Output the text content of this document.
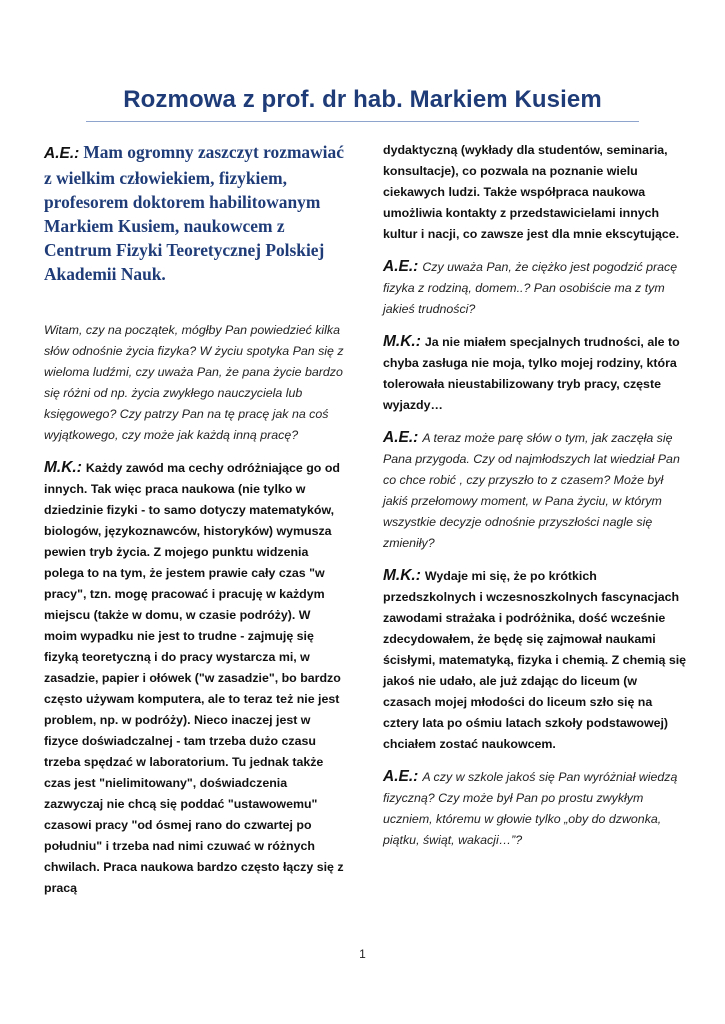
Rozmowa z prof. dr hab. Markiem Kusiem

A.E.: Mam ogromny zaszczyt rozmawiać z wielkim człowiekiem, fizykiem, profesorem doktorem habilitowanym Markiem Kusiem, naukowcem z Centrum Fizyki Teoretycznej Polskiej Akademii Nauk.

Witam, czy na początek, mógłby Pan powiedzieć kilka słów odnośnie życia fizyka? W życiu spotyka Pan się z wieloma ludźmi, czy uważa Pan, że pana życie bardzo się różni od np. życia zwykłego nauczyciela lub księgowego? Czy patrzy Pan na tę pracę jak na coś wyjątkowego, czy może jak każdą inną pracę?

M.K.: Każdy zawód ma cechy odróżniające go od innych. Tak więc praca naukowa (nie tylko w dziedzinie fizyki - to samo dotyczy matematyków, biologów, językoznawców, historyków) wymusza pewien tryb życia. Z mojego punktu widzenia polega to na tym, że jestem prawie cały czas "w pracy", tzn. mogę pracować i pracuję w każdym miejscu (także w domu, w czasie podróży). W moim wypadku nie jest to trudne - zajmuję się fizyką teoretyczną i do pracy wystarcza mi, w zasadzie, papier i ołówek ("w zasadzie", bo bardzo często używam komputera, ale to teraz też nie jest problem, np. w podróży). Nieco inaczej jest w fizyce doświadczalnej - tam trzeba dużo czasu trzeba spędzać w laboratorium. Tu jednak także czas jest "nielimitowany", doświadczenia zazwyczaj nie chcą się poddać "ustawowemu" czasowi pracy "od ósmej rano do czwartej po południu" i trzeba nad nimi czuwać w różnych chwilach. Praca naukowa bardzo często łączy się z pracą

dydaktyczną (wykłady dla studentów, seminaria, konsultacje), co pozwala na poznanie wielu ciekawych ludzi. Także współpraca naukowa umożliwia kontakty z przedstawicielami innych kultur i nacji, co zawsze jest dla mnie ekscytujące.

A.E.: Czy uważa Pan, że ciężko jest pogodzić pracę fizyka z rodziną, domem..? Pan osobiście ma z tym jakieś trudności?

M.K.: Ja nie miałem specjalnych trudności, ale to chyba zasługa nie moja, tylko mojej rodziny, która tolerowała nieustabilizowany tryb pracy, częste wyjazdy…

A.E.: A teraz może parę słów o tym, jak zaczęła się Pana przygoda. Czy od najmłodszych lat wiedział Pan co chce robić , czy przyszło to z czasem? Może był jakiś przełomowy moment, w Pana życiu, w którym wszystkie decyzje odnośnie przyszłości nagle się zmieniły?

M.K.: Wydaje mi się, że po krótkich przedszkolnych i wczesnoszkolnych fascynacjach zawodami strażaka i podróżnika, dość wcześnie zdecydowałem, że będę się zajmował naukami ścisłymi, matematyką, fizyka i chemią. Z chemią się jakoś nie udało, ale już zdając do liceum (w czasach mojej młodości do liceum szło się na cztery lata po ośmiu latach szkoły podstawowej) chciałem zostać naukowcem.

A.E.: A czy w szkole jakoś się Pan wyróżniał wiedzą fizyczną? Czy może był Pan po prostu zwykłym uczniem, któremu w głowie tylko „oby do dzwonka, piątku, świąt, wakacji…”?

1
